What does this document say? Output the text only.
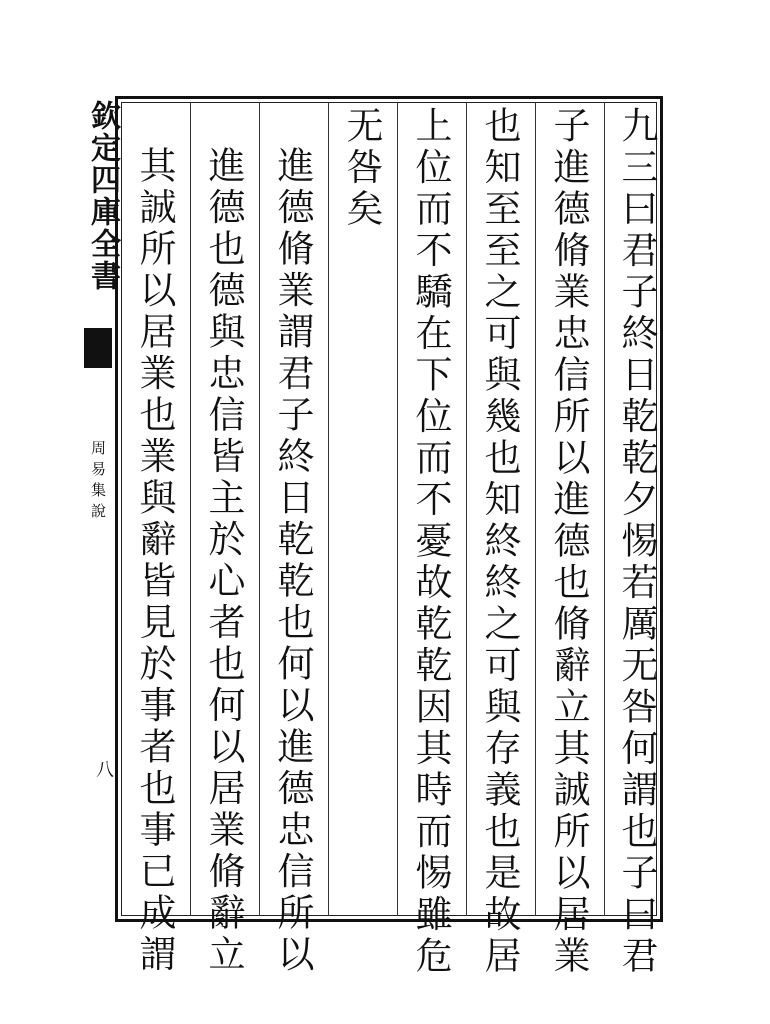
欽定四庫全書
周易集說
八	九三曰君子終日乾乾夕惕若厲无咎何謂也子曰君
子進德脩業忠信所以進德也脩辭立其誠所以居業
也知至至之可與幾也知終終之可與存義也是故居
上位而不驕在下位而不憂故乾乾因其時而惕雖危
无咎矣
進德脩業謂君子終日乾乾也何以進德忠信所以
進德也德與忠信皆主於心者也何以居業脩辭立
其誠所以居業也業與辭皆見於事者也事已成謂
